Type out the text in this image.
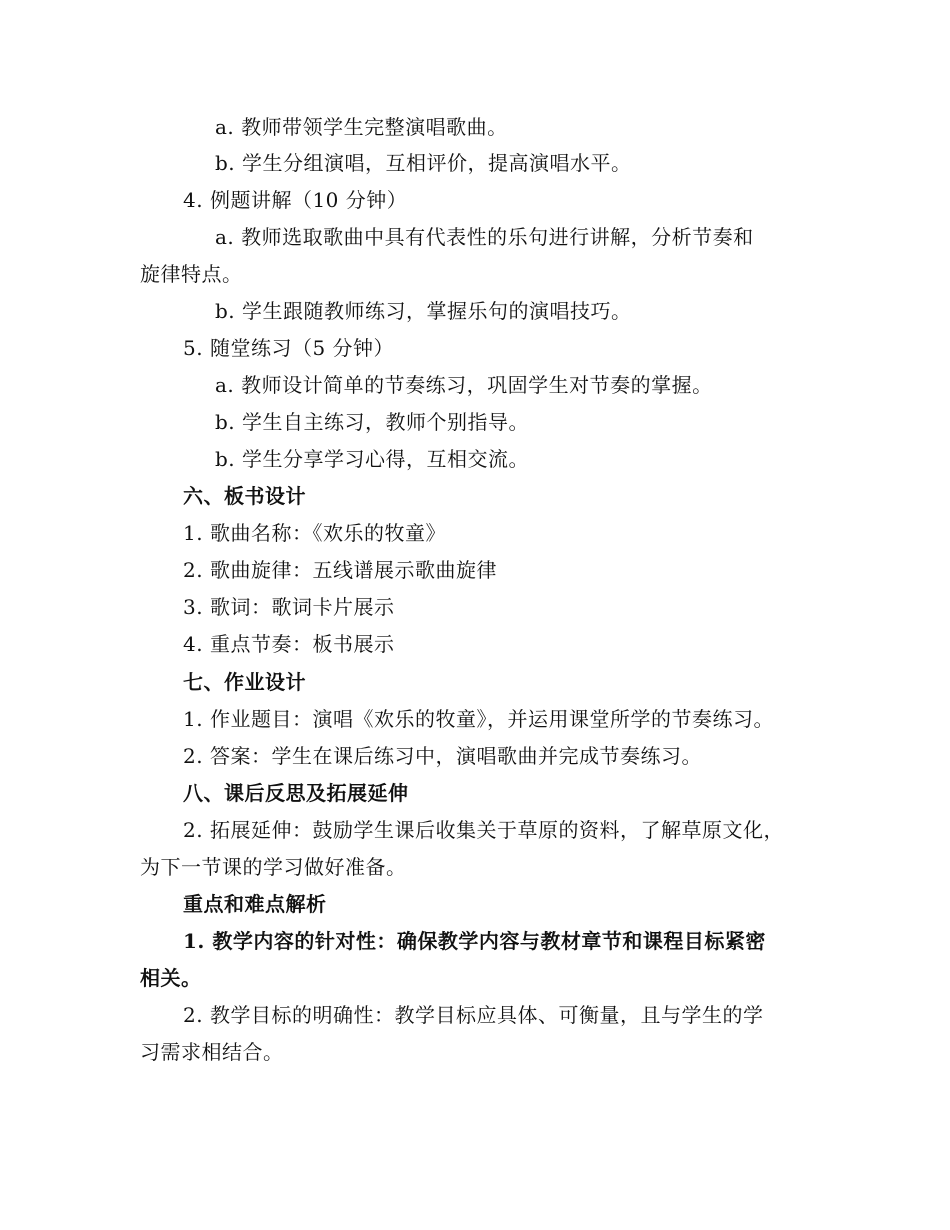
a. 教师带领学生完整演唱歌曲。
b. 学生分组演唱，互相评价，提高演唱水平。
4. 例题讲解（10 分钟）
a. 教师选取歌曲中具有代表性的乐句进行讲解，分析节奏和
旋律特点。
b. 学生跟随教师练习，掌握乐句的演唱技巧。
5. 随堂练习（5 分钟）
a. 教师设计简单的节奏练习，巩固学生对节奏的掌握。
b. 学生自主练习，教师个别指导。
b. 学生分享学习心得，互相交流。
六、板书设计
1. 歌曲名称：《欢乐的牧童》
2. 歌曲旋律：五线谱展示歌曲旋律
3. 歌词：歌词卡片展示
4. 重点节奏：板书展示
七、作业设计
1. 作业题目：演唱《欢乐的牧童》，并运用课堂所学的节奏练习。
2. 答案：学生在课后练习中，演唱歌曲并完成节奏练习。
八、课后反思及拓展延伸
2. 拓展延伸：鼓励学生课后收集关于草原的资料，了解草原文化，
为下一节课的学习做好准备。
重点和难点解析
1. 教学内容的针对性：确保教学内容与教材章节和课程目标紧密
相关。
2. 教学目标的明确性：教学目标应具体、可衡量，且与学生的学
习需求相结合。
